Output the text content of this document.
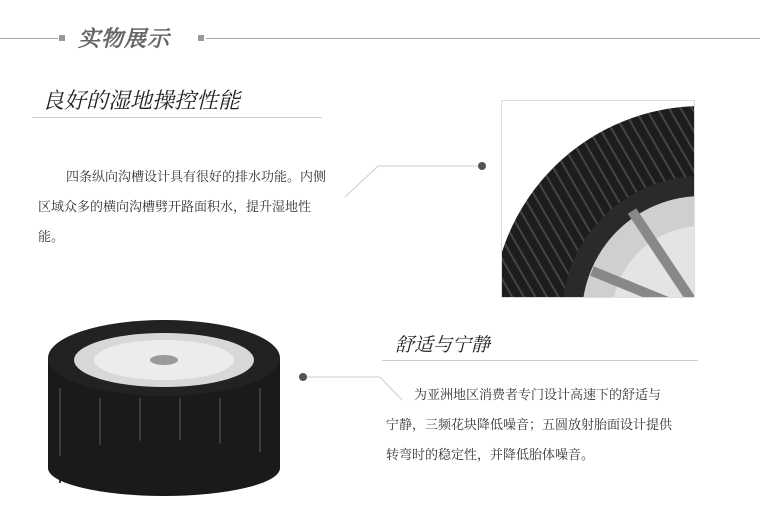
实物展示
良好的湿地操控性能
四条纵向沟槽设计具有很好的排水功能。内侧区域众多的横向沟槽劈开路面积水，提升湿地性能。
舒适与宁静
为亚洲地区消费者专门设计高速下的舒适与宁静，三频花块降低噪音；五圆放射胎面设计提供转弯时的稳定性，并降低胎体噪音。
